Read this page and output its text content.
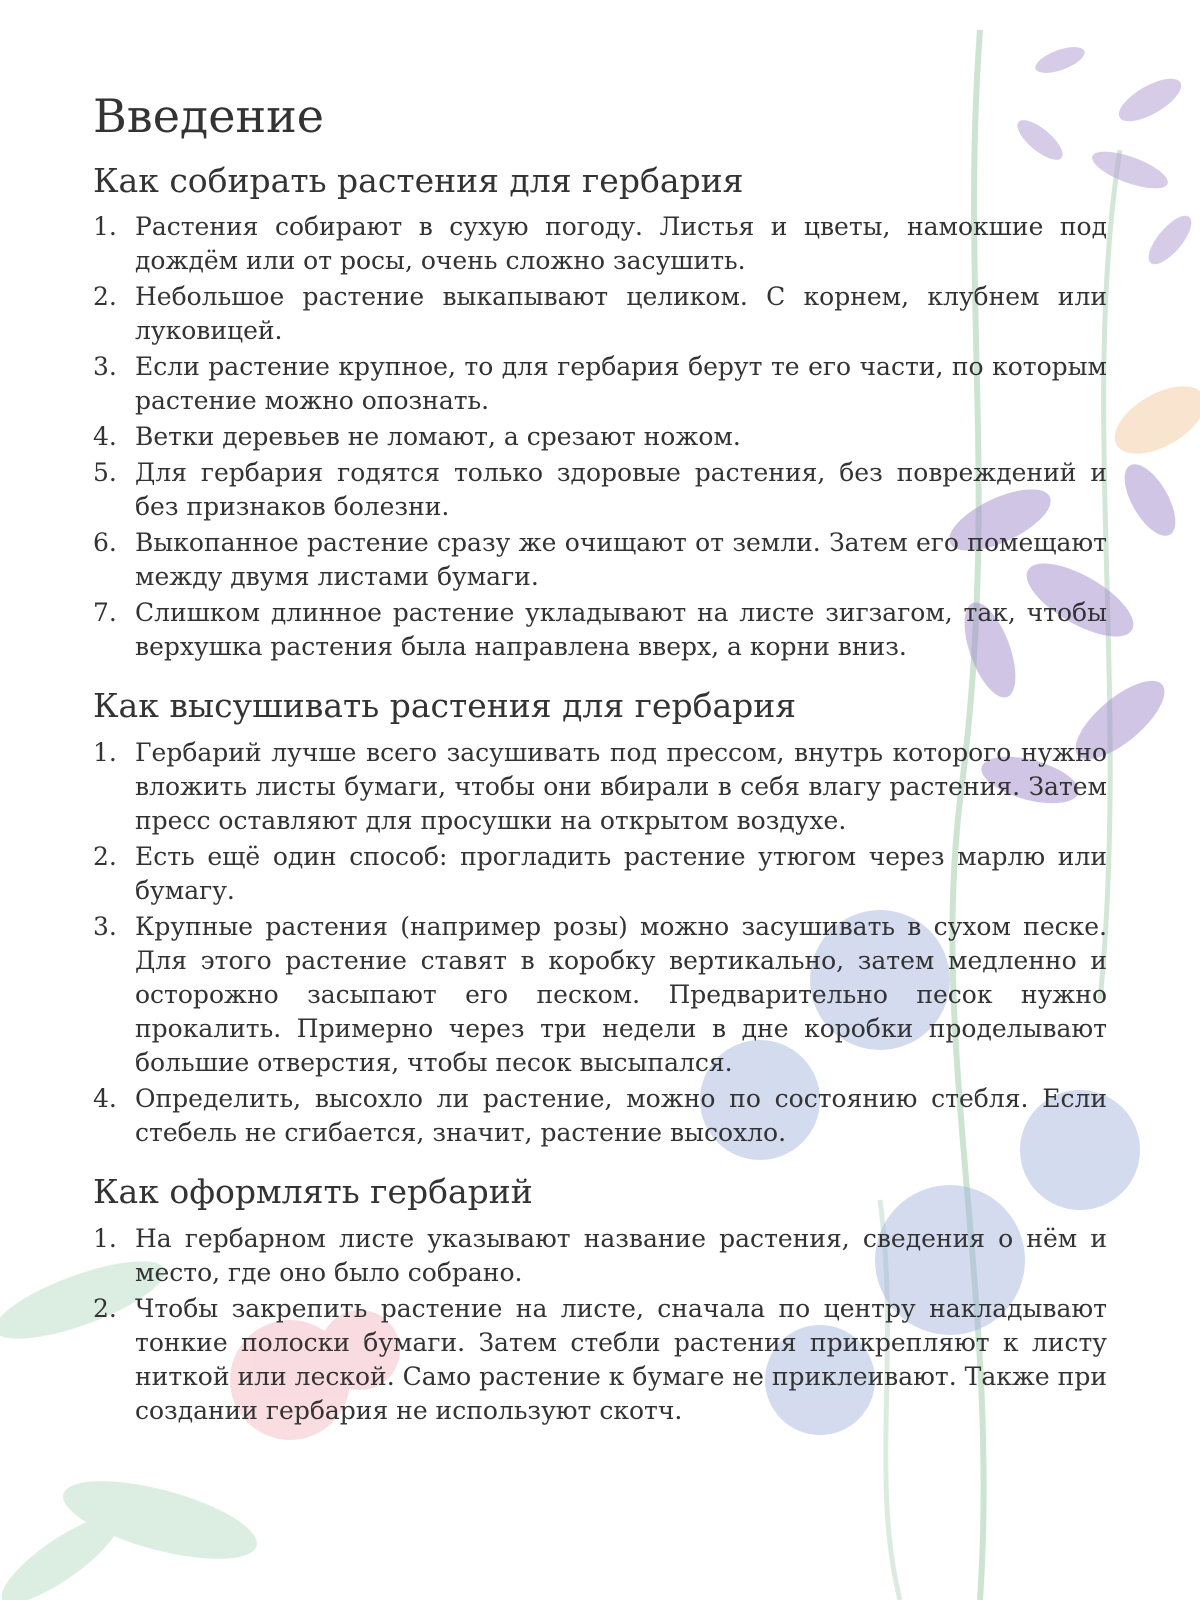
Введение
Как собирать растения для гербария
1. Растения собирают в сухую погоду. Листья и цветы, намокшие под дождём или от росы, очень сложно засушить.
2. Небольшое растение выкапывают целиком. С корнем, клубнем или луковицей.
3. Если растение крупное, то для гербария берут те его части, по которым растение можно опознать.
4. Ветки деревьев не ломают, а срезают ножом.
5. Для гербария годятся только здоровые растения, без повреждений и без признаков болезни.
6. Выкопанное растение сразу же очищают от земли. Затем его помещают между двумя листами бумаги.
7. Слишком длинное растение укладывают на листе зигзагом, так, чтобы верхушка растения была направлена вверх, а корни вниз.
Как высушивать растения для гербария
1. Гербарий лучше всего засушивать под прессом, внутрь которого нужно вложить листы бумаги, чтобы они вбирали в себя влагу растения. Затем пресс оставляют для просушки на открытом воздухе.
2. Есть ещё один способ: прогладить растение утюгом через марлю или бумагу.
3. Крупные растения (например розы) можно засушивать в сухом песке. Для этого растение ставят в коробку вертикально, затем медленно и осторожно засыпают его песком. Предварительно песок нужно прокалить. Примерно через три недели в дне коробки проделывают большие отверстия, чтобы песок высыпался.
4. Определить, высохло ли растение, можно по состоянию стебля. Если стебель не сгибается, значит, растение высохло.
Как оформлять гербарий
1. На гербарном листе указывают название растения, сведения о нём и место, где оно было собрано.
2. Чтобы закрепить растение на листе, сначала по центру накладывают тонкие полоски бумаги. Затем стебли растения прикрепляют к листу ниткой или леской. Само растение к бумаге не приклеивают. Также при создании гербария не используют скотч.
